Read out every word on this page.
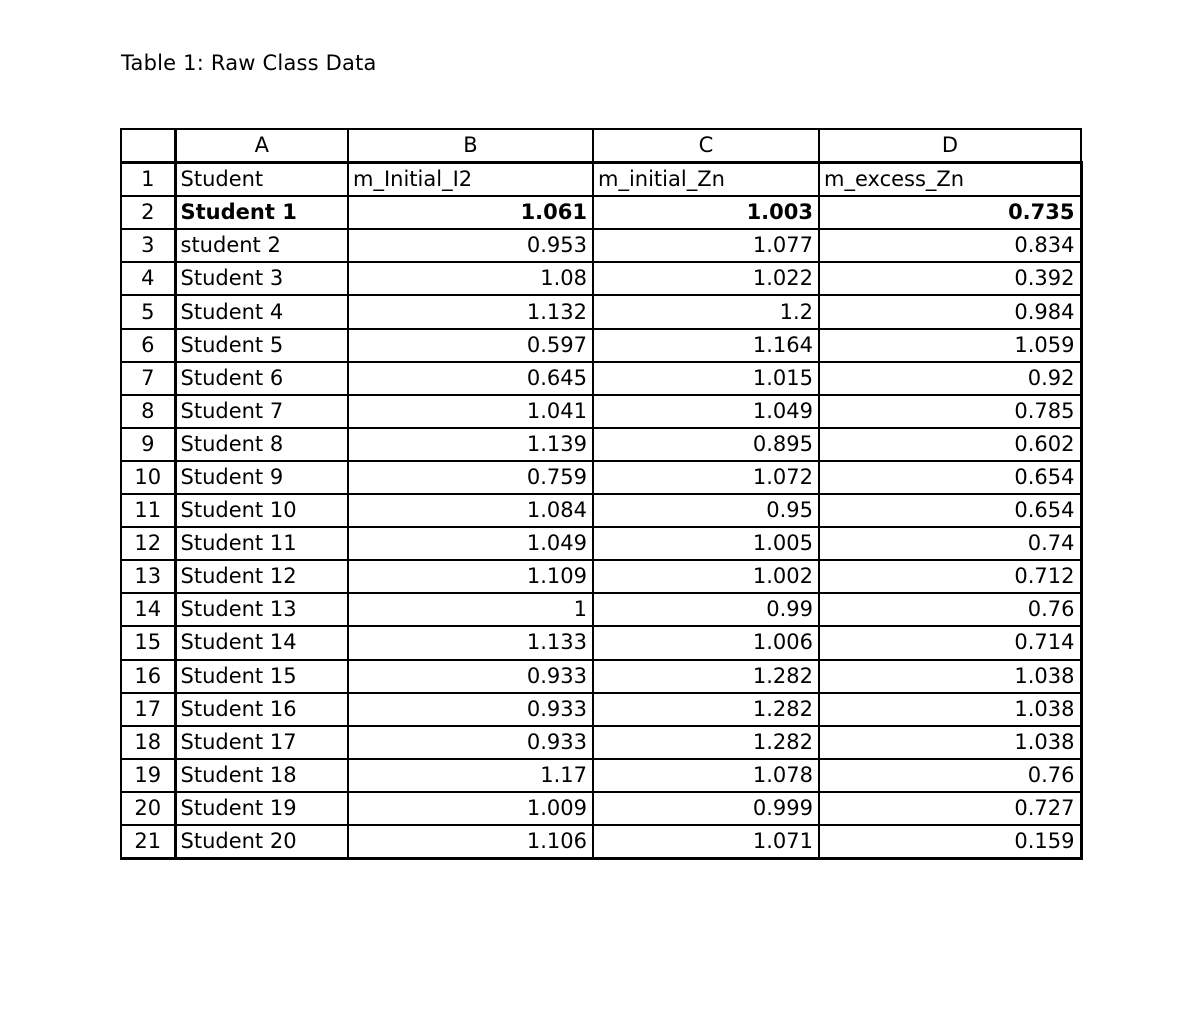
Table 1: Raw Class Data
	A	B	C	D
1	Student	m_Initial_I2	m_initial_Zn	m_excess_Zn
2	Student 1	1.061	1.003	0.735
3	student 2	0.953	1.077	0.834
4	Student 3	1.08	1.022	0.392
5	Student 4	1.132	1.2	0.984
6	Student 5	0.597	1.164	1.059
7	Student 6	0.645	1.015	0.92
8	Student 7	1.041	1.049	0.785
9	Student 8	1.139	0.895	0.602
10	Student 9	0.759	1.072	0.654
11	Student 10	1.084	0.95	0.654
12	Student 11	1.049	1.005	0.74
13	Student 12	1.109	1.002	0.712
14	Student 13	1	0.99	0.76
15	Student 14	1.133	1.006	0.714
16	Student 15	0.933	1.282	1.038
17	Student 16	0.933	1.282	1.038
18	Student 17	0.933	1.282	1.038
19	Student 18	1.17	1.078	0.76
20	Student 19	1.009	0.999	0.727
21	Student 20	1.106	1.071	0.159
